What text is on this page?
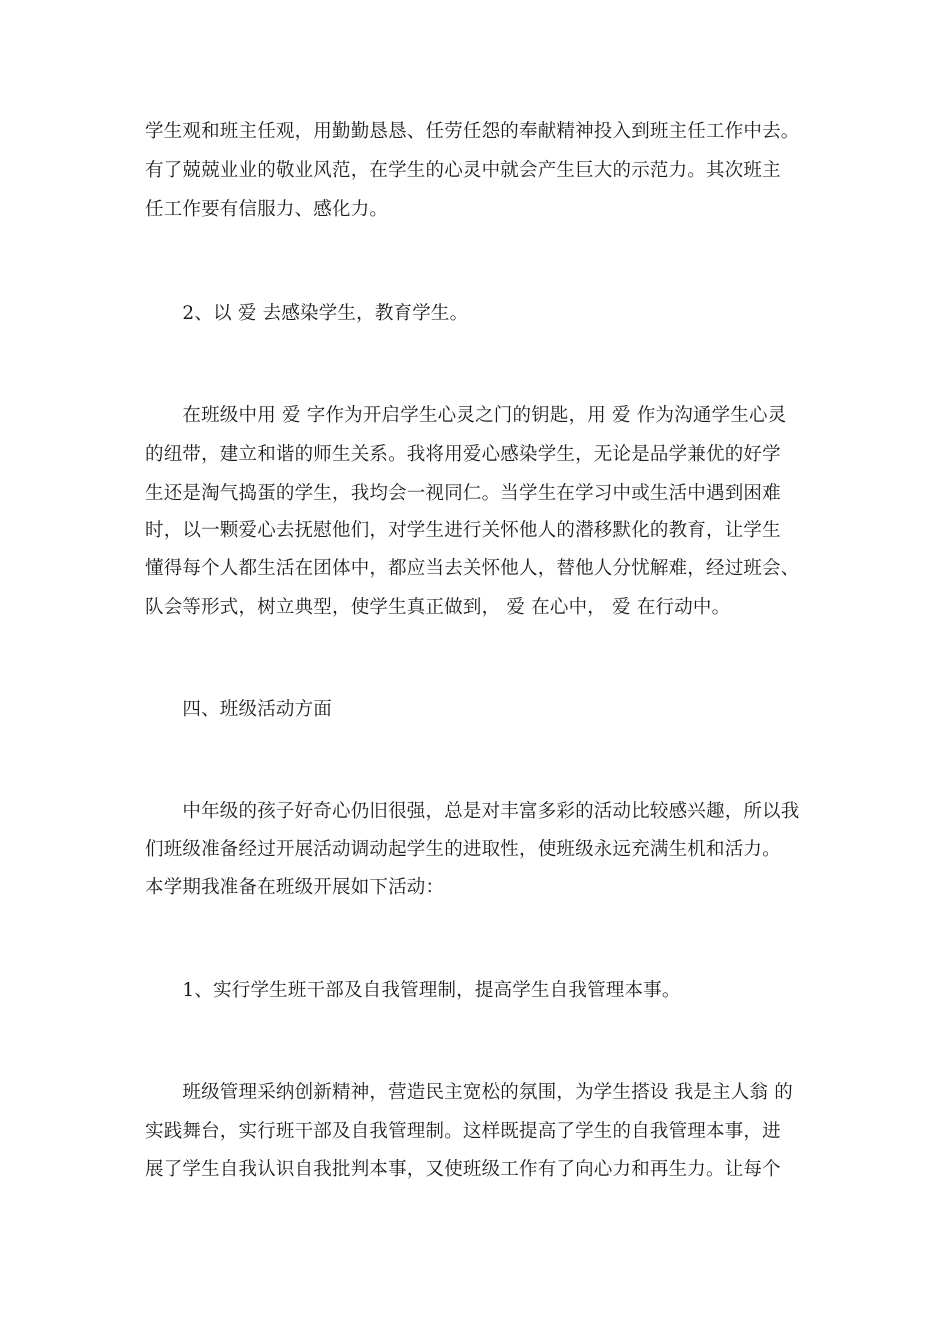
学生观和班主任观，用勤勤恳恳、任劳任怨的奉献精神投入到班主任工作中去。
有了兢兢业业的敬业风范，在学生的心灵中就会产生巨大的示范力。其次班主
任工作要有信服力、感化力。
　　2、以 爱 去感染学生，教育学生。
　　在班级中用 爱 字作为开启学生心灵之门的钥匙，用 爱 作为沟通学生心灵
的纽带，建立和谐的师生关系。我将用爱心感染学生，无论是品学兼优的好学
生还是淘气捣蛋的学生，我均会一视同仁。当学生在学习中或生活中遇到困难
时，以一颗爱心去抚慰他们，对学生进行关怀他人的潜移默化的教育，让学生
懂得每个人都生活在团体中，都应当去关怀他人，替他人分忧解难，经过班会、
队会等形式，树立典型，使学生真正做到， 爱 在心中， 爱 在行动中。
　　四、班级活动方面
　　中年级的孩子好奇心仍旧很强，总是对丰富多彩的活动比较感兴趣，所以我
们班级准备经过开展活动调动起学生的进取性，使班级永远充满生机和活力。
本学期我准备在班级开展如下活动：
　　1、实行学生班干部及自我管理制，提高学生自我管理本事。
　　班级管理采纳创新精神，营造民主宽松的氛围，为学生搭设 我是主人翁 的
实践舞台，实行班干部及自我管理制。这样既提高了学生的自我管理本事，进
展了学生自我认识自我批判本事，又使班级工作有了向心力和再生力。让每个
